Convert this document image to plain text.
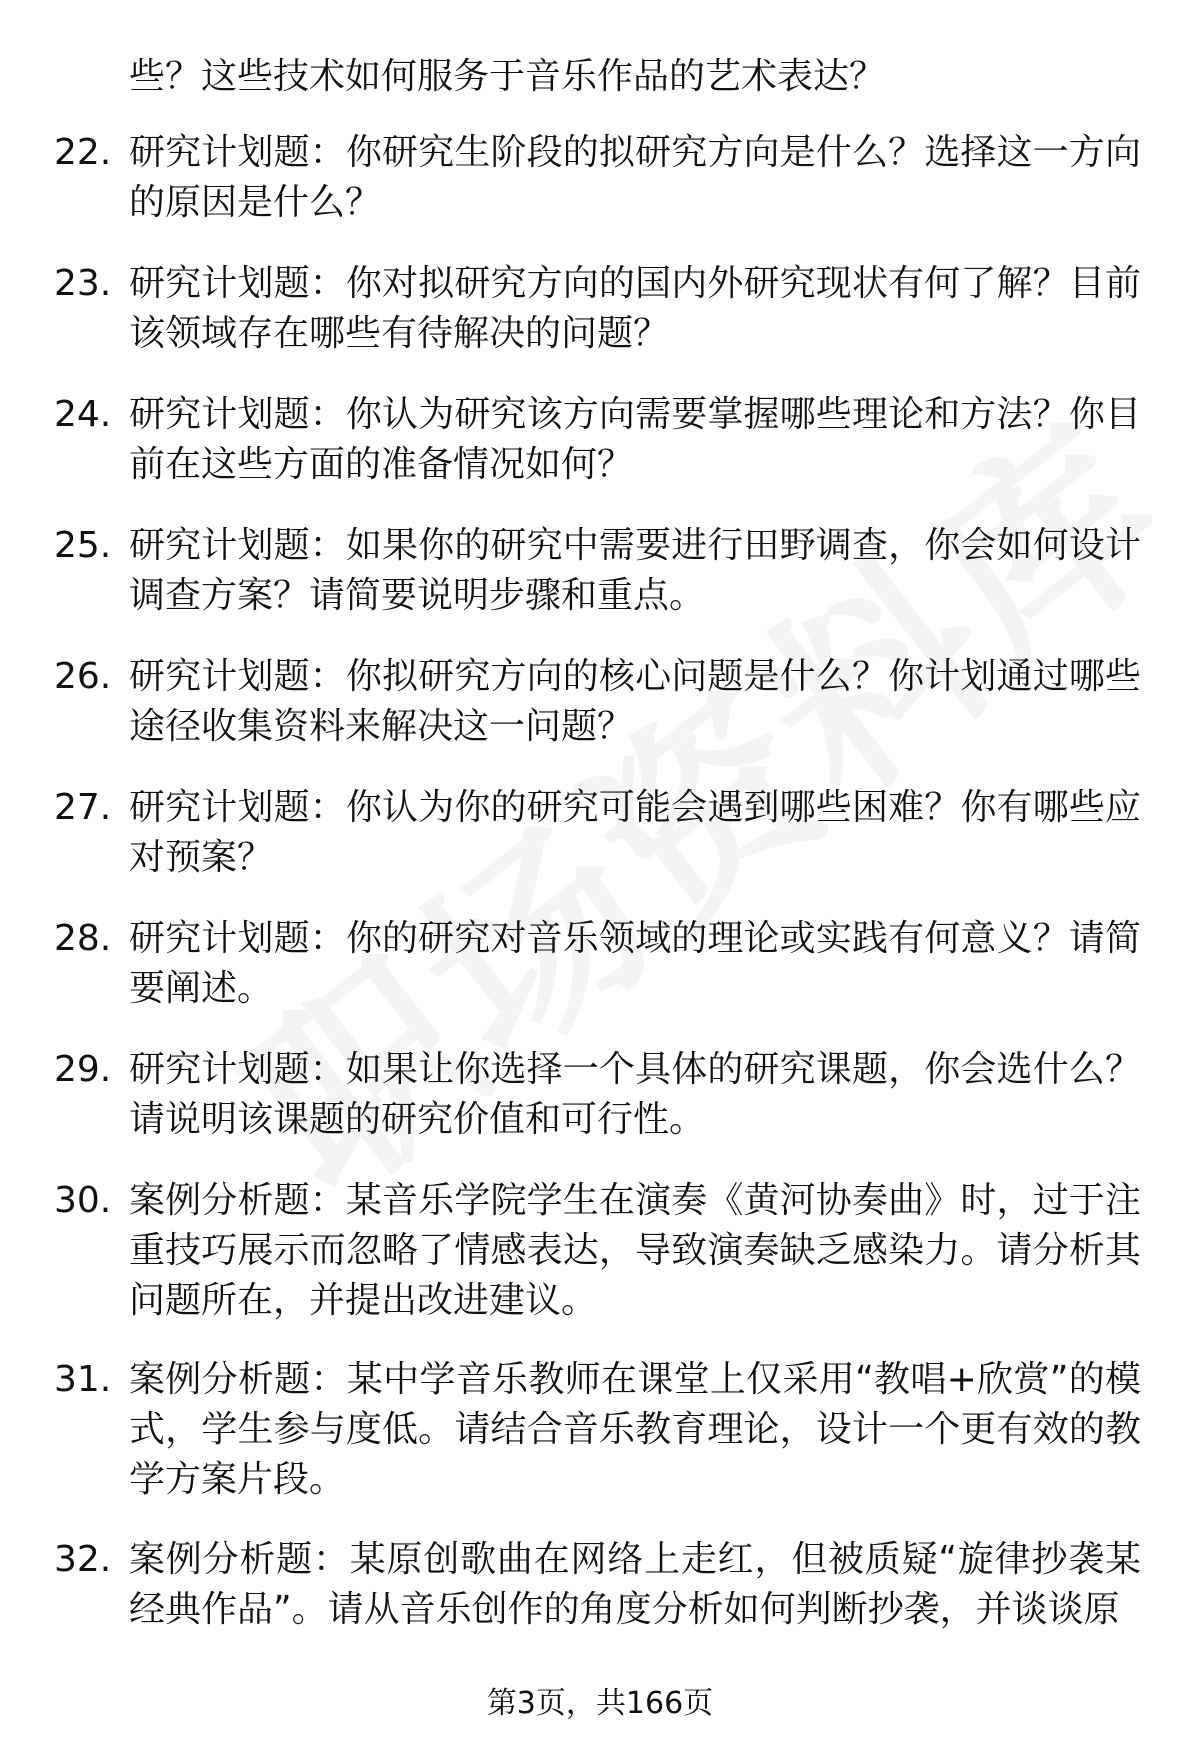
些？这些技术如何服务于音乐作品的艺术表达？

22. 研究计划题：你研究生阶段的拟研究方向是什么？选择这一方向的原因是什么？

23. 研究计划题：你对拟研究方向的国内外研究现状有何了解？目前该领域存在哪些有待解决的问题？

24. 研究计划题：你认为研究该方向需要掌握哪些理论和方法？你目前在这些方面的准备情况如何？

25. 研究计划题：如果你的研究中需要进行田野调查，你会如何设计调查方案？请简要说明步骤和重点。

26. 研究计划题：你拟研究方向的核心问题是什么？你计划通过哪些途径收集资料来解决这一问题？

27. 研究计划题：你认为你的研究可能会遇到哪些困难？你有哪些应对预案？

28. 研究计划题：你的研究对音乐领域的理论或实践有何意义？请简要阐述。

29. 研究计划题：如果让你选择一个具体的研究课题，你会选什么？请说明该课题的研究价值和可行性。

30. 案例分析题：某音乐学院学生在演奏《黄河协奏曲》时，过于注重技巧展示而忽略了情感表达，导致演奏缺乏感染力。请分析其问题所在，并提出改进建议。

31. 案例分析题：某中学音乐教师在课堂上仅采用“教唱+欣赏”的模式，学生参与度低。请结合音乐教育理论，设计一个更有效的教学方案片段。

32. 案例分析题：某原创歌曲在网络上走红，但被质疑“旋律抄袭某经典作品”。请从音乐创作的角度分析如何判断抄袭，并谈谈原

第3页，共166页
